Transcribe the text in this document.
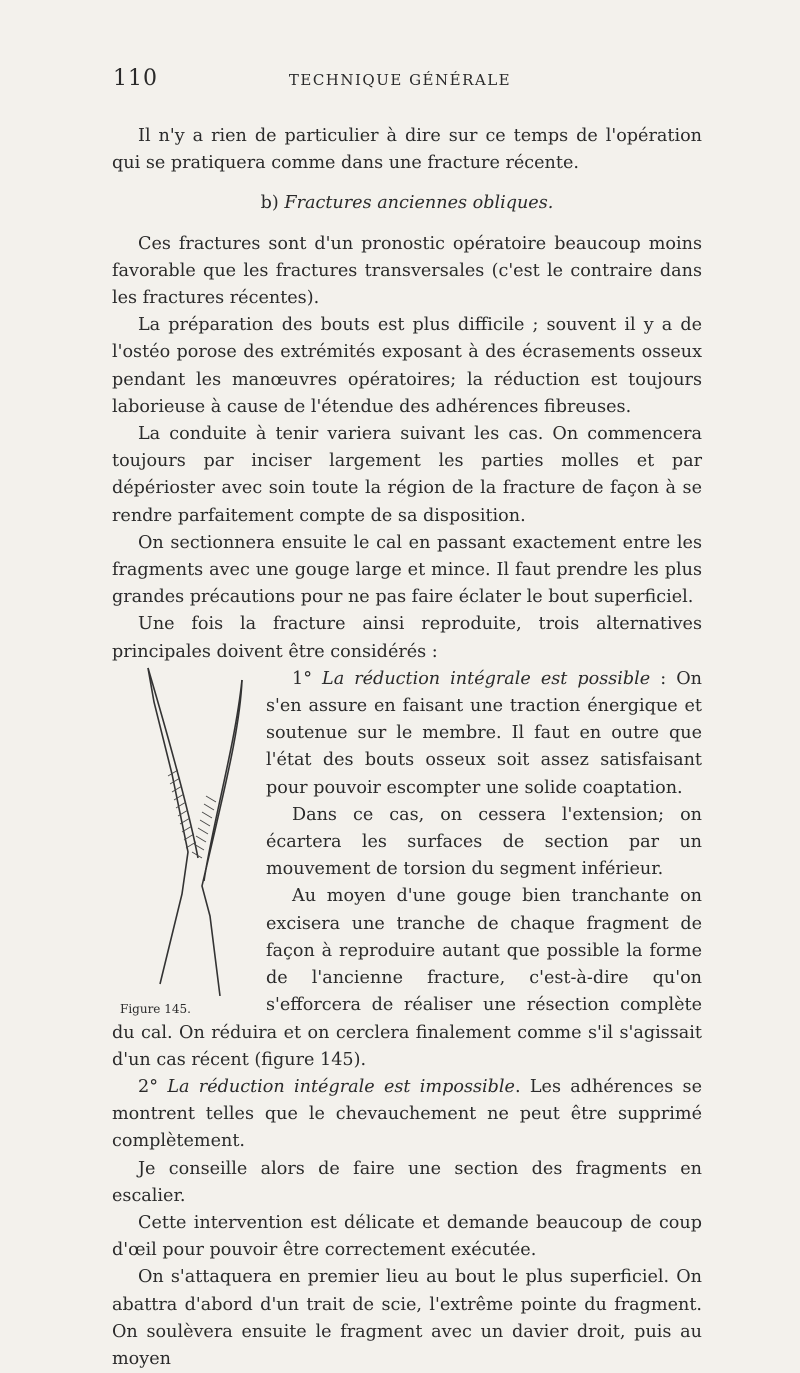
110	TECHNIQUE GÉNÉRALE

Il n'y a rien de particulier à dire sur ce temps de l'opération qui se pratiquera comme dans une fracture récente.

b) Fractures anciennes obliques.

Ces fractures sont d'un pronostic opératoire beaucoup moins favorable que les fractures transversales (c'est le contraire dans les fractures récentes).

La préparation des bouts est plus difficile ; souvent il y a de l'ostéo porose des extrémités exposant à des écrasements osseux pendant les manœuvres opératoires; la réduction est toujours laborieuse à cause de l'étendue des adhérences fibreuses.

La conduite à tenir variera suivant les cas. On commencera toujours par inciser largement les parties molles et par dépérioster avec soin toute la région de la fracture de façon à se rendre parfaitement compte de sa disposition.

On sectionnera ensuite le cal en passant exactement entre les fragments avec une gouge large et mince. Il faut prendre les plus grandes précautions pour ne pas faire éclater le bout superficiel.

Une fois la fracture ainsi reproduite, trois alternatives principales doivent être considérés :

Figure 145.

1° La réduction intégrale est possible : On s'en assure en faisant une traction énergique et soutenue sur le membre. Il faut en outre que l'état des bouts osseux soit assez satisfaisant pour pouvoir escompter une solide coaptation.

Dans ce cas, on cessera l'extension; on écartera les surfaces de section par un mouvement de torsion du segment inférieur.

Au moyen d'une gouge bien tranchante on excisera une tranche de chaque fragment de façon à reproduire autant que possible la forme de l'ancienne fracture, c'est-à-dire qu'on s'efforcera de réaliser une résection complète du cal. On réduira et on cerclera finalement comme s'il s'agissait d'un cas récent (figure 145).

2° La réduction intégrale est impossible. Les adhérences se montrent telles que le chevauchement ne peut être supprimé complètement.

Je conseille alors de faire une section des fragments en escalier.

Cette intervention est délicate et demande beaucoup de coup d'œil pour pouvoir être correctement exécutée.

On s'attaquera en premier lieu au bout le plus superficiel. On abattra d'abord d'un trait de scie, l'extrême pointe du fragment. On soulèvera ensuite le fragment avec un davier droit, puis au moyen
